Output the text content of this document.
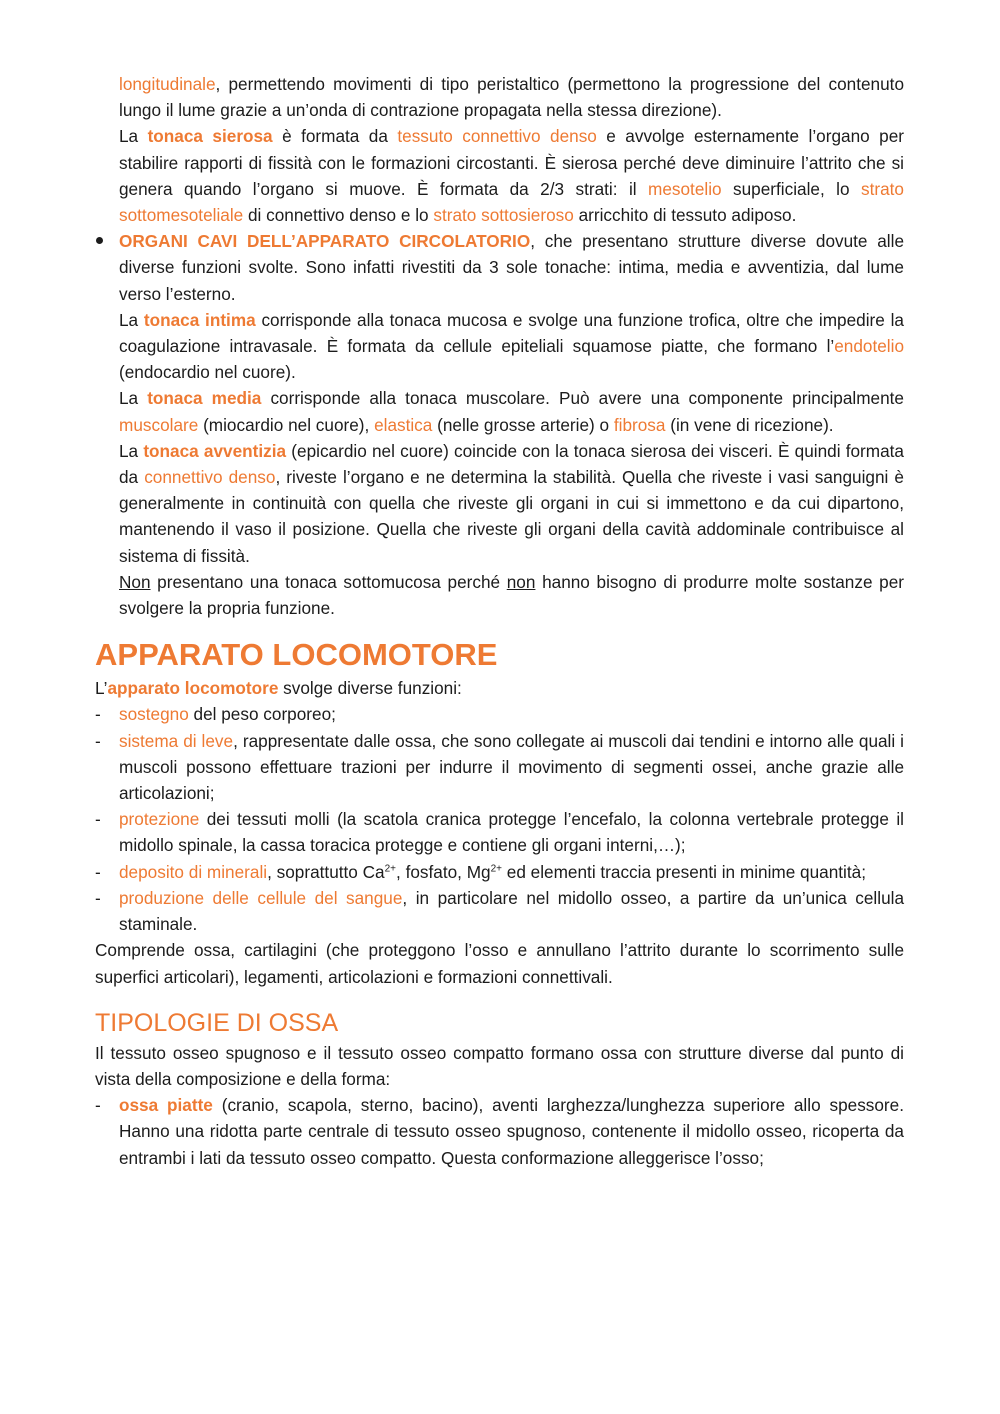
longitudinale, permettendo movimenti di tipo peristaltico (permettono la progressione del contenuto lungo il lume grazie a un’onda di contrazione propagata nella stessa direzione).

La tonaca sierosa è formata da tessuto connettivo denso e avvolge esternamente l’organo per stabilire rapporti di fissità con le formazioni circostanti. È sierosa perché deve diminuire l’attrito che si genera quando l’organo si muove. È formata da 2/3 strati: il mesotelio superficiale, lo strato sottomesoteliale di connettivo denso e lo strato sottosieroso arricchito di tessuto adiposo.

ORGANI CAVI DELL’APPARATO CIRCOLATORIO, che presentano strutture diverse dovute alle diverse funzioni svolte. Sono infatti rivestiti da 3 sole tonache: intima, media e avventizia, dal lume verso l’esterno.

La tonaca intima corrisponde alla tonaca mucosa e svolge una funzione trofica, oltre che impedire la coagulazione intravasale. È formata da cellule epiteliali squamose piatte, che formano l’endotelio (endocardio nel cuore).

La tonaca media corrisponde alla tonaca muscolare. Può avere una componente principalmente muscolare (miocardio nel cuore), elastica (nelle grosse arterie) o fibrosa (in vene di ricezione).

La tonaca avventizia (epicardio nel cuore) coincide con la tonaca sierosa dei visceri. È quindi formata da connettivo denso, riveste l’organo e ne determina la stabilità. Quella che riveste i vasi sanguigni è generalmente in continuità con quella che riveste gli organi in cui si immettono e da cui dipartono, mantenendo il vaso il posizione. Quella che riveste gli organi della cavità addominale contribuisce al sistema di fissità.

Non presentano una tonaca sottomucosa perché non hanno bisogno di produrre molte sostanze per svolgere la propria funzione.

APPARATO LOCOMOTORE

L’apparato locomotore svolge diverse funzioni:

- sostegno del peso corporeo;

- sistema di leve, rappresentate dalle ossa, che sono collegate ai muscoli dai tendini e intorno alle quali i muscoli possono effettuare trazioni per indurre il movimento di segmenti ossei, anche grazie alle articolazioni;

- protezione dei tessuti molli (la scatola cranica protegge l’encefalo, la colonna vertebrale protegge il midollo spinale, la cassa toracica protegge e contiene gli organi interni,…);

- deposito di minerali, soprattutto $Ca^{2+}$, fosfato, $Mg^{2+}$ ed elementi traccia presenti in minime quantità;

- produzione delle cellule del sangue, in particolare nel midollo osseo, a partire da un’unica cellula staminale.

Comprende ossa, cartilagini (che proteggono l’osso e annullano l’attrito durante lo scorrimento sulle superfici articolari), legamenti, articolazioni e formazioni connettivali.

TIPOLOGIE DI OSSA

Il tessuto osseo spugnoso e il tessuto osseo compatto formano ossa con strutture diverse dal punto di vista della composizione e della forma:

- ossa piatte (cranio, scapola, sterno, bacino), aventi larghezza/lunghezza superiore allo spessore. Hanno una ridotta parte centrale di tessuto osseo spugnoso, contenente il midollo osseo, ricoperta da entrambi i lati da tessuto osseo compatto. Questa conformazione alleggerisce l’osso;
